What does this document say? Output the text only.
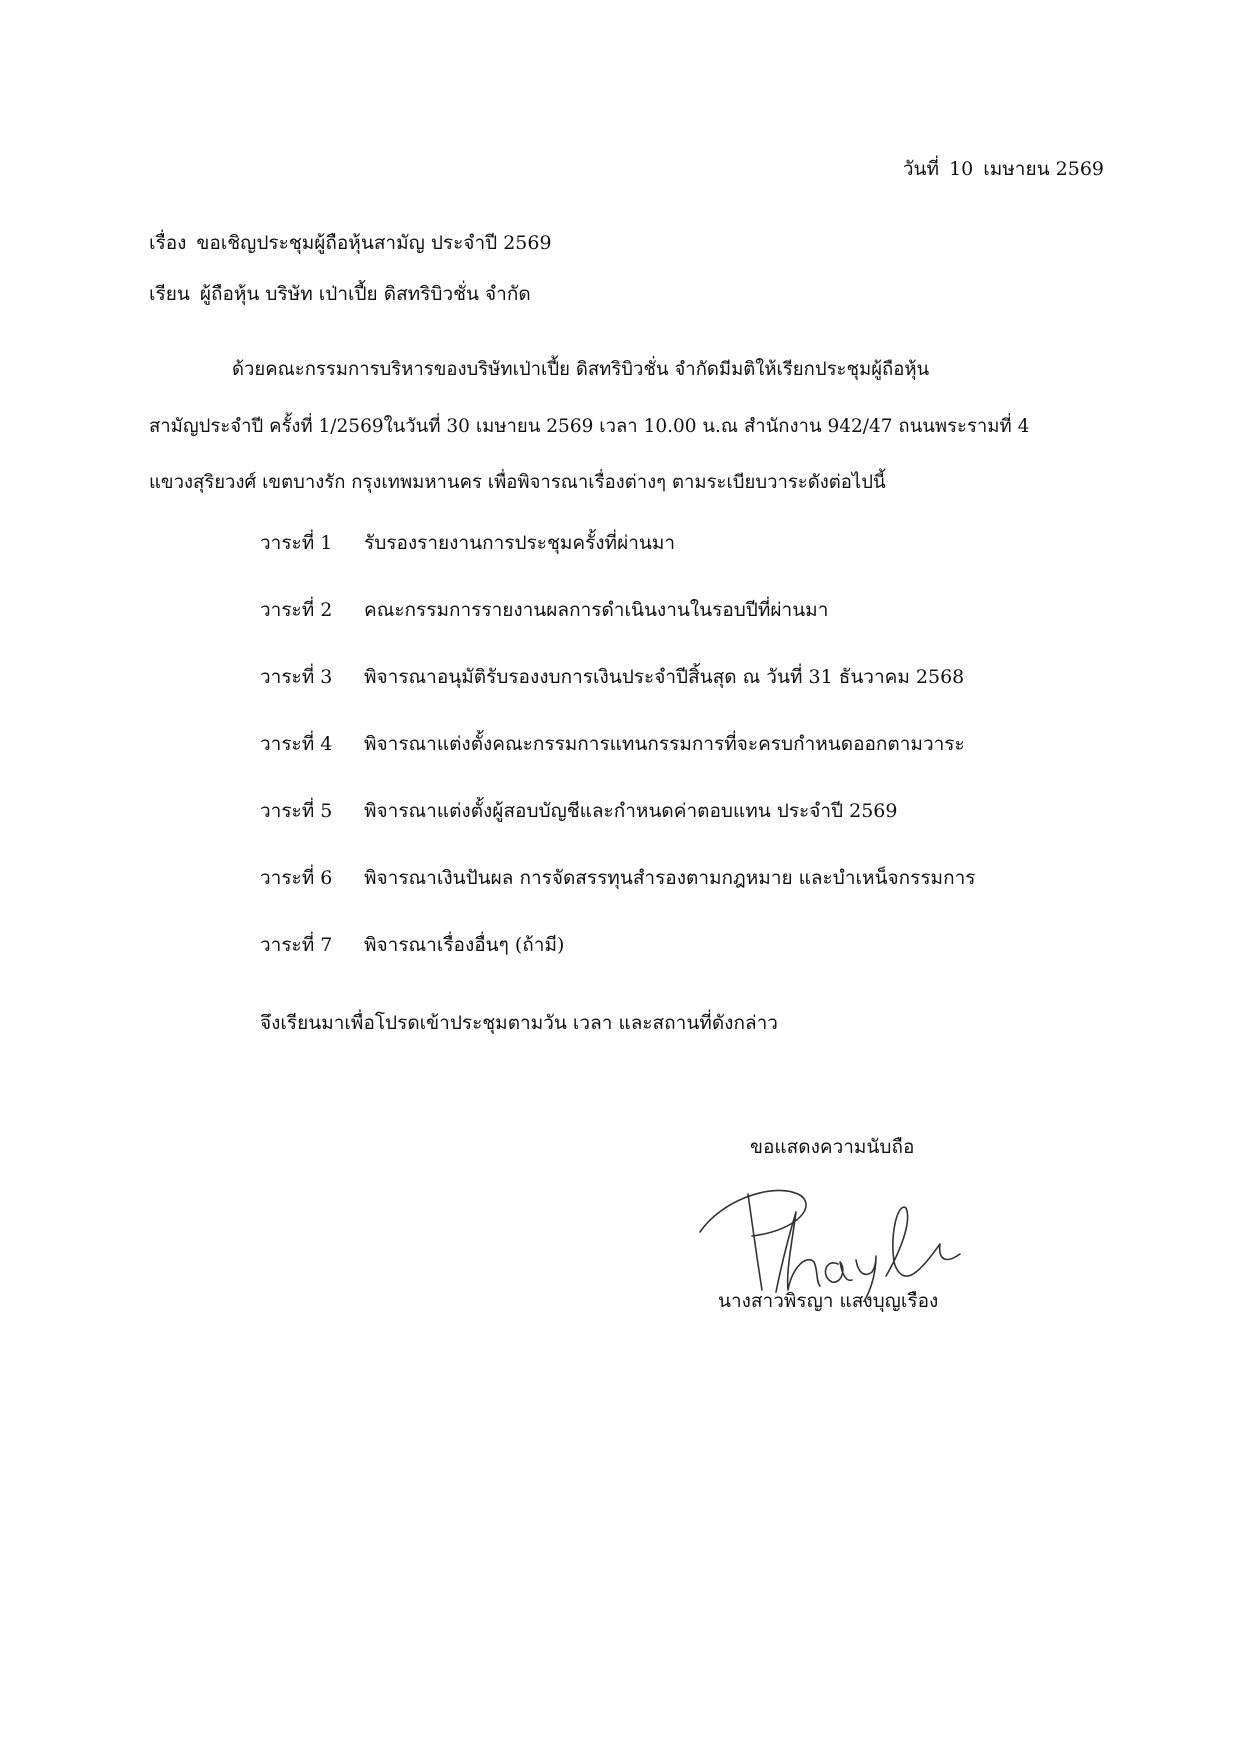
วันที่ 10 เมษายน 2569
เรื่อง ขอเชิญประชุมผู้ถือหุ้นสามัญ ประจำปี 2569
เรียน ผู้ถือหุ้น บริษัท เป่าเปี้ย ดิสทริบิวชั่น จำกัด
ด้วยคณะกรรมการบริหารของบริษัทเป่าเปี้ย ดิสทริบิวชั่น จำกัดมีมติให้เรียกประชุมผู้ถือหุ้น
สามัญประจำปี ครั้งที่ 1/2569ในวันที่ 30 เมษายน 2569 เวลา 10.00 น.ณ สำนักงาน 942/47 ถนนพระรามที่ 4
แขวงสุริยวงศ์ เขตบางรัก กรุงเทพมหานคร เพื่อพิจารณาเรื่องต่างๆ ตามระเบียบวาระดังต่อไปนี้
วาระที่ 1	รับรองรายงานการประชุมครั้งที่ผ่านมา
วาระที่ 2	คณะกรรมการรายงานผลการดำเนินงานในรอบปีที่ผ่านมา
วาระที่ 3	พิจารณาอนุมัติรับรองงบการเงินประจำปีสิ้นสุด ณ วันที่ 31 ธันวาคม 2568
วาระที่ 4	พิจารณาแต่งตั้งคณะกรรมการแทนกรรมการที่จะครบกำหนดออกตามวาระ
วาระที่ 5	พิจารณาแต่งตั้งผู้สอบบัญชีและกำหนดค่าตอบแทน ประจำปี 2569
วาระที่ 6	พิจารณาเงินปันผล การจัดสรรทุนสำรองตามกฎหมาย และบำเหน็จกรรมการ
วาระที่ 7	พิจารณาเรื่องอื่นๆ (ถ้ามี)
จึงเรียนมาเพื่อโปรดเข้าประชุมตามวัน เวลา และสถานที่ดังกล่าว
ขอแสดงความนับถือ
นางสาวพิรญา แสงบุญเรือง
